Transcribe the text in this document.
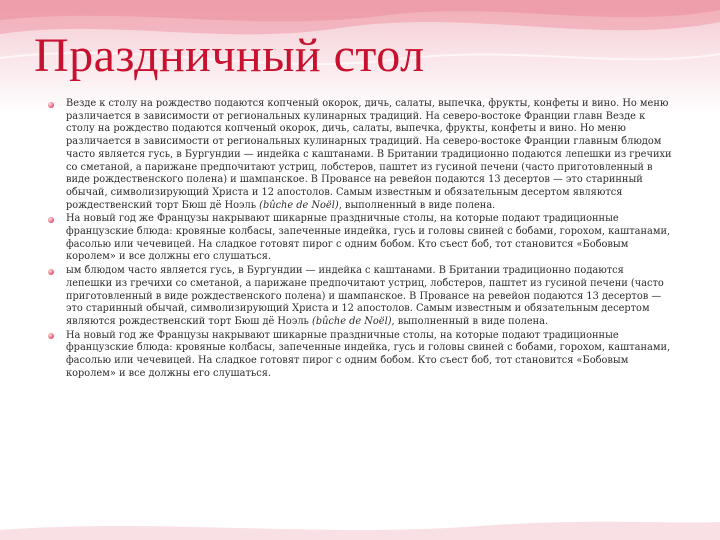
Праздничный стол
Везде к столу на рождество подаются копченый окорок, дичь, салаты, выпечка, фрукты, конфеты и вино. Но меню различается в зависимости от региональных кулинарных традиций. На северо-востоке Франции главн Везде к столу на рождество подаются копченый окорок, дичь, салаты, выпечка, фрукты, конфеты и вино. Но меню различается в зависимости от региональных кулинарных традиций. На северо-востоке Франции главным блюдом часто является гусь, в Бургундии — индейка с каштанами. В Британии традиционно подаются лепешки из гречихи со сметаной, а парижане предпочитают устриц, лобстеров, паштет из гусиной печени (часто приготовленный в виде рождественского полена) и шампанское. В Провансе на ревейон подаются 13 десертов — это старинный обычай, символизирующий Христа и 12 апостолов. Самым известным и обязательным десертом являются рождественский торт Бюш дё Ноэль (bûche de Noël), выполненный в виде полена.
На новый год же Французы накрывают шикарные праздничные столы, на которые подают традиционные французские блюда: кровяные колбасы, запеченные индейка, гусь и головы свиней с бобами, горохом, каштанами, фасолью или чечевицей. На сладкое готовят пирог с одним бобом. Кто съест боб, тот становится «Бобовым королем» и все должны его слушаться.
ым блюдом часто является гусь, в Бургундии — индейка с каштанами. В Британии традиционно подаются лепешки из гречихи со сметаной, а парижане предпочитают устриц, лобстеров, паштет из гусиной печени (часто приготовленный в виде рождественского полена) и шампанское. В Провансе на ревейон подаются 13 десертов — это старинный обычай, символизирующий Христа и 12 апостолов. Самым известным и обязательным десертом являются рождественский торт Бюш дё Ноэль (bûche de Noël), выполненный в виде полена.
На новый год же Французы накрывают шикарные праздничные столы, на которые подают традиционные французские блюда: кровяные колбасы, запеченные индейка, гусь и головы свиней с бобами, горохом, каштанами, фасолью или чечевицей. На сладкое готовят пирог с одним бобом. Кто съест боб, тот становится «Бобовым королем» и все должны его слушаться.
